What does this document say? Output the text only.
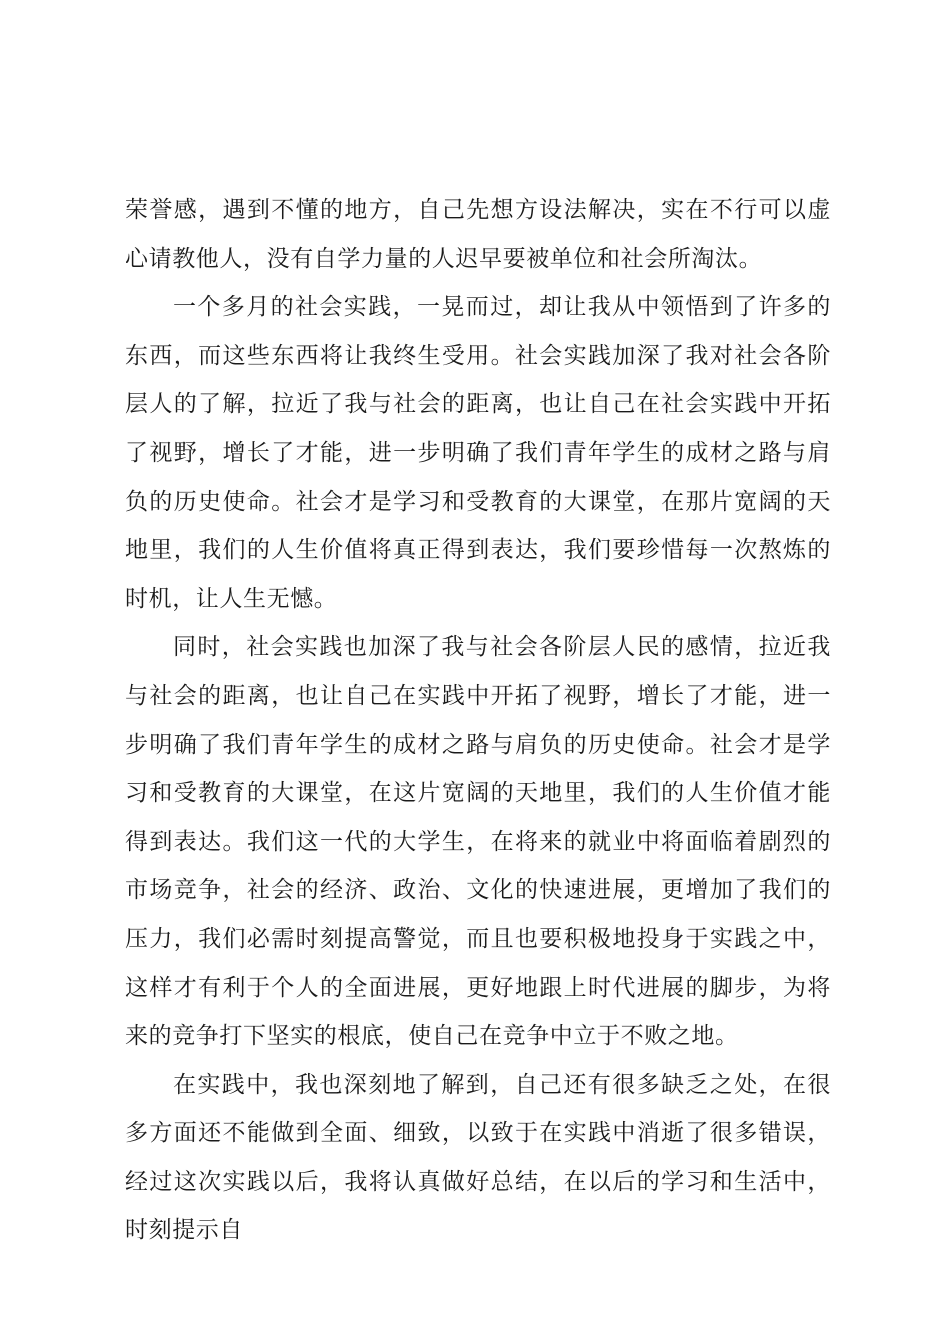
荣誉感，遇到不懂的地方，自己先想方设法解决，实在不行可以虚心请教他人，没有自学力量的人迟早要被单位和社会所淘汰。

一个多月的社会实践，一晃而过，却让我从中领悟到了许多的东西，而这些东西将让我终生受用。社会实践加深了我对社会各阶层人的了解，拉近了我与社会的距离，也让自己在社会实践中开拓了视野，增长了才能，进一步明确了我们青年学生的成材之路与肩负的历史使命。社会才是学习和受教育的大课堂，在那片宽阔的天地里，我们的人生价值将真正得到表达，我们要珍惜每一次熬炼的时机，让人生无憾。

同时，社会实践也加深了我与社会各阶层人民的感情，拉近我与社会的距离，也让自己在实践中开拓了视野，增长了才能，进一步明确了我们青年学生的成材之路与肩负的历史使命。社会才是学习和受教育的大课堂，在这片宽阔的天地里，我们的人生价值才能得到表达。我们这一代的大学生，在将来的就业中将面临着剧烈的市场竞争，社会的经济、政治、文化的快速进展，更增加了我们的压力，我们必需时刻提高警觉，而且也要积极地投身于实践之中，这样才有利于个人的全面进展，更好地跟上时代进展的脚步，为将来的竞争打下坚实的根底，使自己在竞争中立于不败之地。

在实践中，我也深刻地了解到，自己还有很多缺乏之处，在很多方面还不能做到全面、细致，以致于在实践中消逝了很多错误，经过这次实践以后，我将认真做好总结，在以后的学习和生活中，时刻提示自
